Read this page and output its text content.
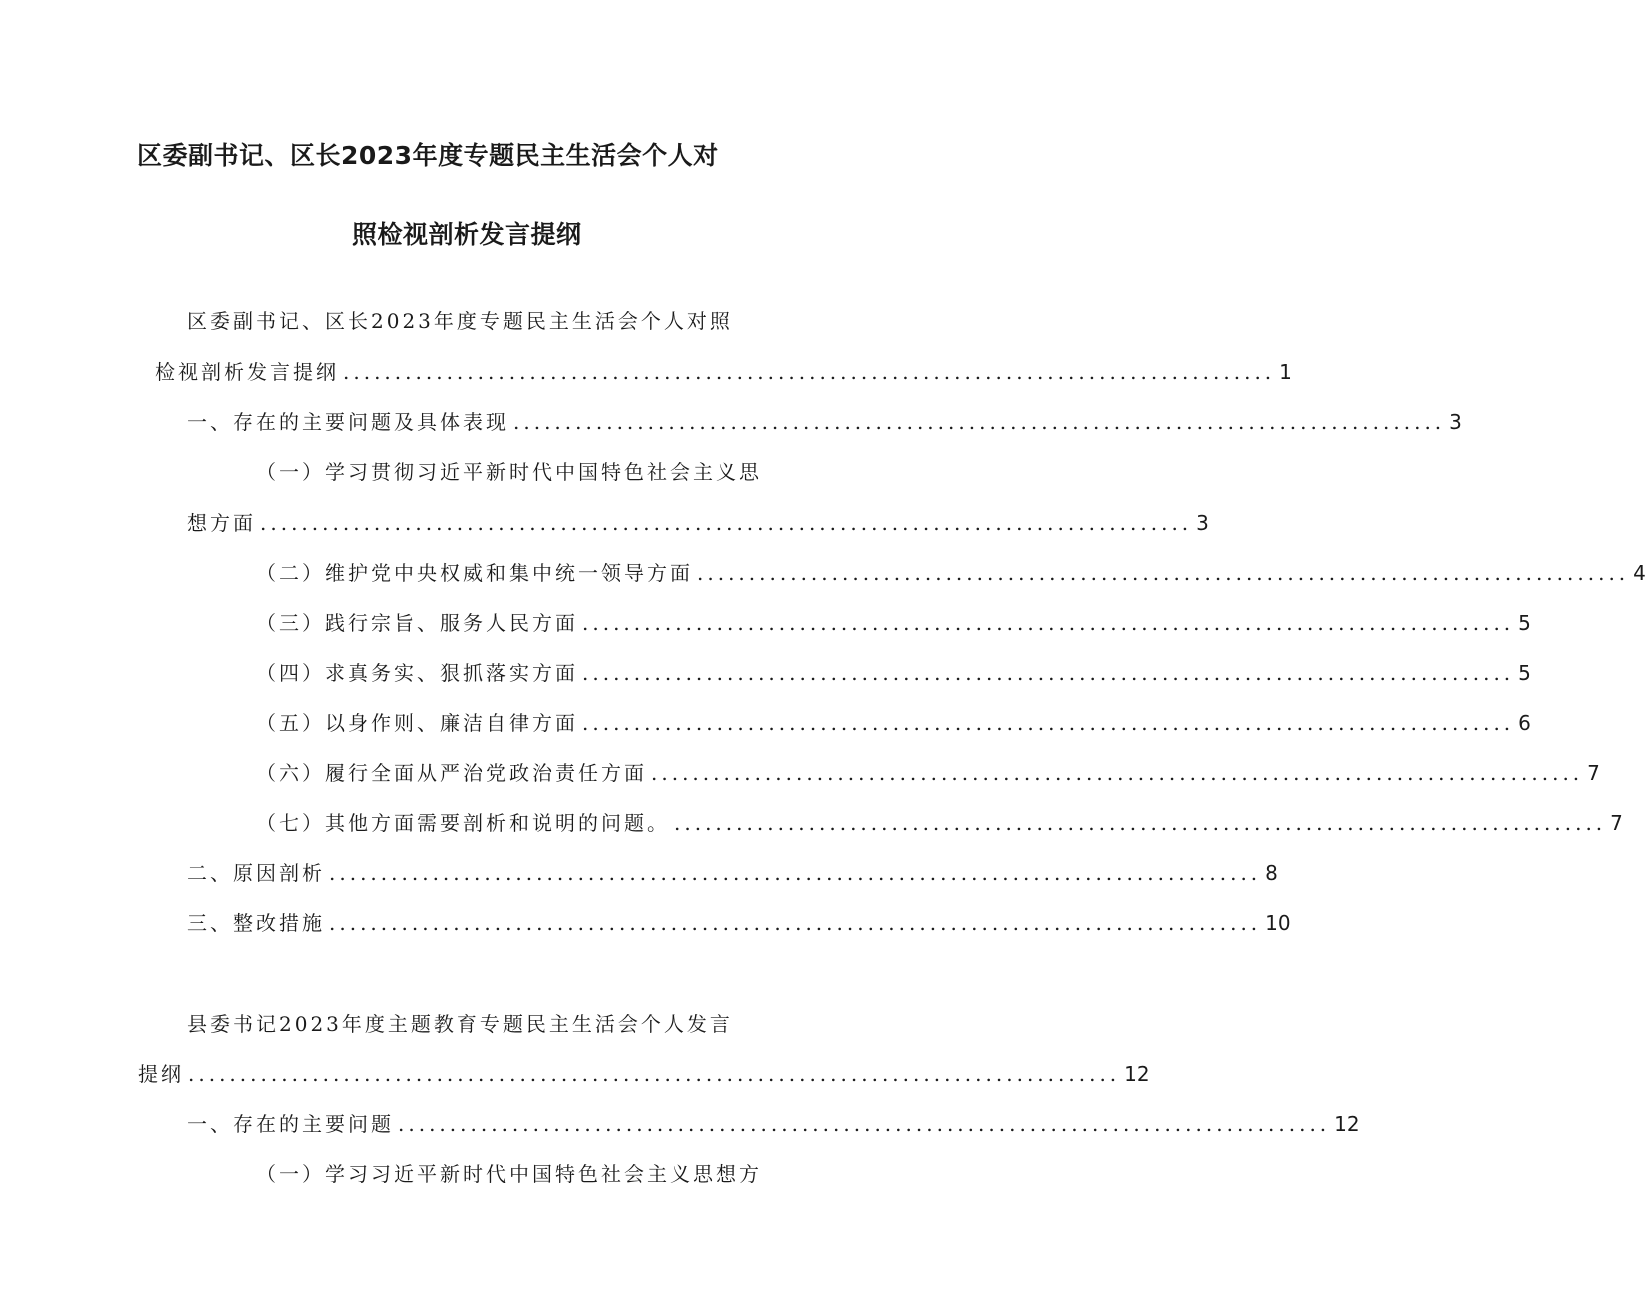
区委副书记、区长2023年度专题民主生活会个人对
照检视剖析发言提纲
区委副书记、区长2023年度专题民主生活会个人对照
检视剖析发言提纲 .......................................................................................... 1
一、存在的主要问题及具体表现 .......................................................................................... 3
（一）学习贯彻习近平新时代中国特色社会主义思
想方面 .......................................................................................... 3
（二）维护党中央权威和集中统一领导方面 .......................................................................................... 4
（三）践行宗旨、服务人民方面 .......................................................................................... 5
（四）求真务实、狠抓落实方面 .......................................................................................... 5
（五）以身作则、廉洁自律方面 .......................................................................................... 6
（六）履行全面从严治党政治责任方面 .......................................................................................... 7
（七）其他方面需要剖析和说明的问题。 .......................................................................................... 7
二、原因剖析 .......................................................................................... 8
三、整改措施 .......................................................................................... 10
县委书记2023年度主题教育专题民主生活会个人发言
提纲 .......................................................................................... 12
一、存在的主要问题 .......................................................................................... 12
（一）学习习近平新时代中国特色社会主义思想方
